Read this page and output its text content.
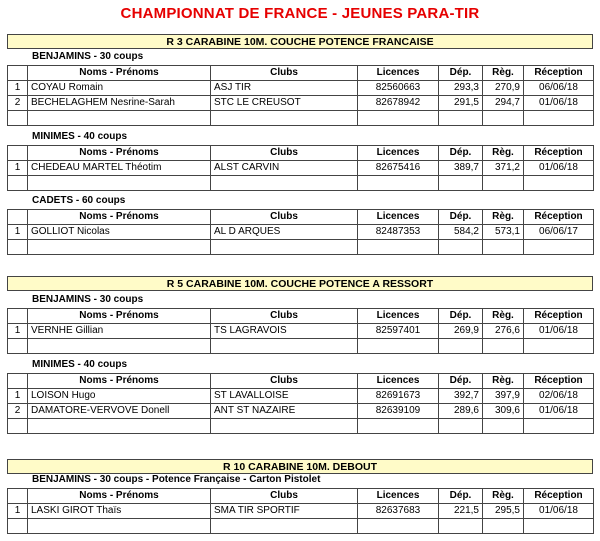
CHAMPIONNAT DE FRANCE - JEUNES PARA-TIR
R 3 CARABINE 10M. COUCHE POTENCE FRANCAISE
R 5 CARABINE 10M. COUCHE POTENCE A RESSORT
R 10 CARABINE 10M. DEBOUT
BENJAMINS - 30 coups
MINIMES - 40 coups
CADETS - 60 coups
BENJAMINS - 30 coups
MINIMES - 40 coups
BENJAMINS - 30 coups - Potence Française - Carton Pistolet
	Noms - Prénoms	Clubs	Licences	Dép.	Règ.	Réception
1	COYAU Romain	ASJ TIR	82560663	293,3	270,9	06/06/18
2	BECHELAGHEM Nesrine-Sarah	STC LE CREUSOT	82678942	291,5	294,7	01/06/18

	Noms - Prénoms	Clubs	Licences	Dép.	Règ.	Réception
1	CHEDEAU MARTEL Théotim	ALST CARVIN	82675416	389,7	371,2	01/06/18

	Noms - Prénoms	Clubs	Licences	Dép.	Règ.	Réception
1	GOLLIOT Nicolas	AL D ARQUES	82487353	584,2	573,1	06/06/17

	Noms - Prénoms	Clubs	Licences	Dép.	Règ.	Réception
1	VERNHE Gillian	TS LAGRAVOIS	82597401	269,9	276,6	01/06/18

	Noms - Prénoms	Clubs	Licences	Dép.	Règ.	Réception
1	LOISON Hugo	ST LAVALLOISE	82691673	392,7	397,9	02/06/18
2	DAMATORE-VERVOVE Donell	ANT ST NAZAIRE	82639109	289,6	309,6	01/06/18

	Noms - Prénoms	Clubs	Licences	Dép.	Règ.	Réception
1	LASKI GIROT Thaïs	SMA TIR SPORTIF	82637683	221,5	295,5	01/06/18
